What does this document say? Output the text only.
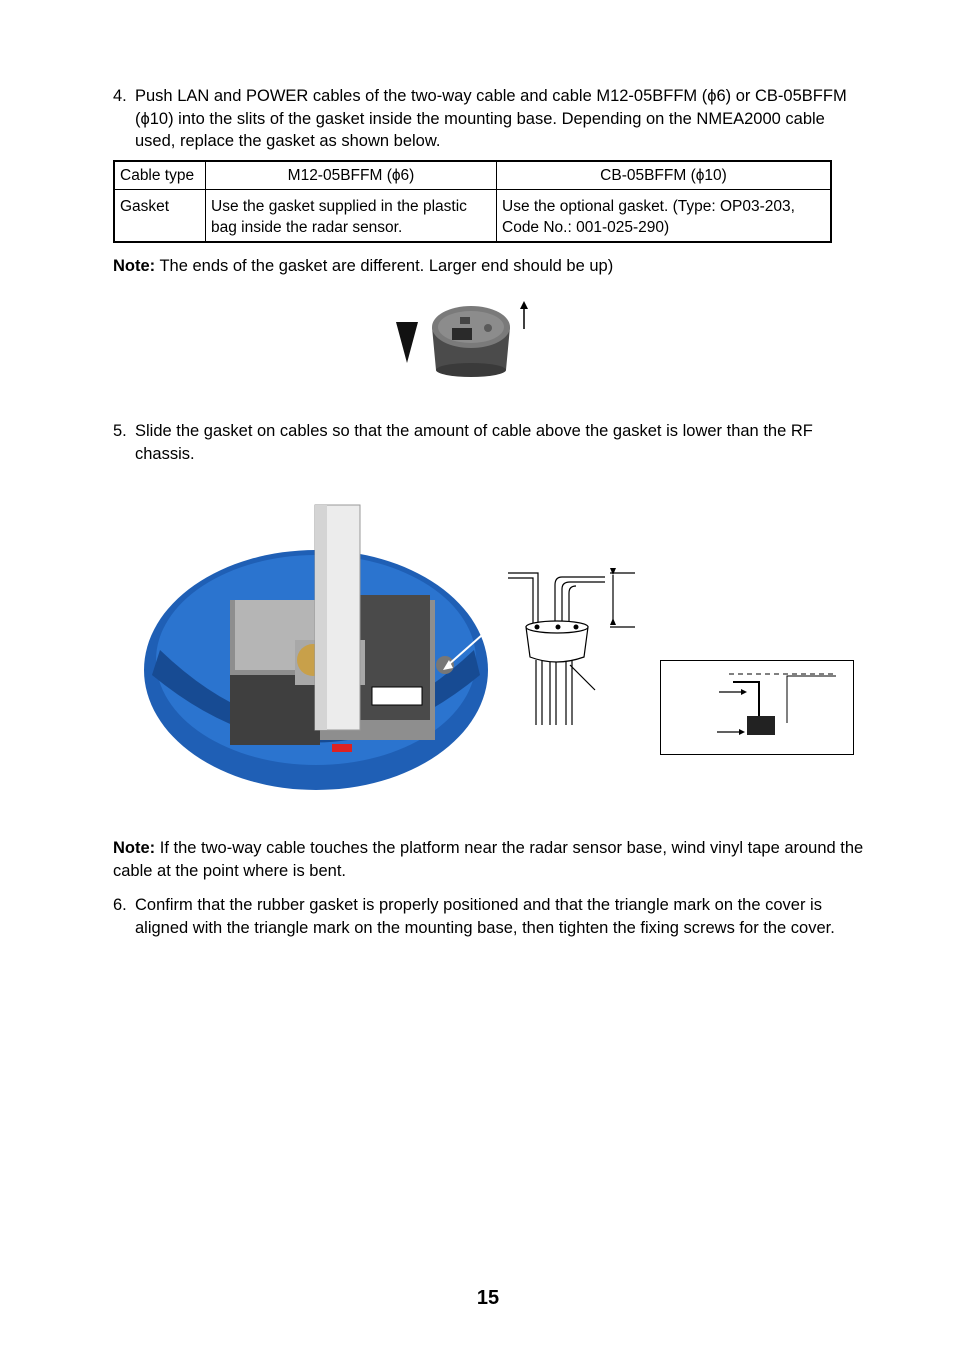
4. Push LAN and POWER cables of the two-way cable and cable M12-05BFFM (ϕ6) or CB-05BFFM (ϕ10) into the slits of the gasket inside the mounting base. Depending on the NMEA2000 cable used, replace the gasket as shown below.
Cable type	M12-05BFFM (ϕ6)	CB-05BFFM (ϕ10)
Gasket	Use the gasket supplied in the plastic bag inside the radar sensor.	Use the optional gasket. (Type: OP03-203, Code No.: 001-025-290)
Note: The ends of the gasket are different. Larger end should be up)
5. Slide the gasket on cables so that the amount of cable above the gasket is lower than the RF chassis.
Note: If the two-way cable touches the platform near the radar sensor base, wind vinyl tape around the cable at the point where is bent.
6. Confirm that the rubber gasket is properly positioned and that the triangle mark on the cover is aligned with the triangle mark on the mounting base, then tighten the fixing screws for the cover.
15
